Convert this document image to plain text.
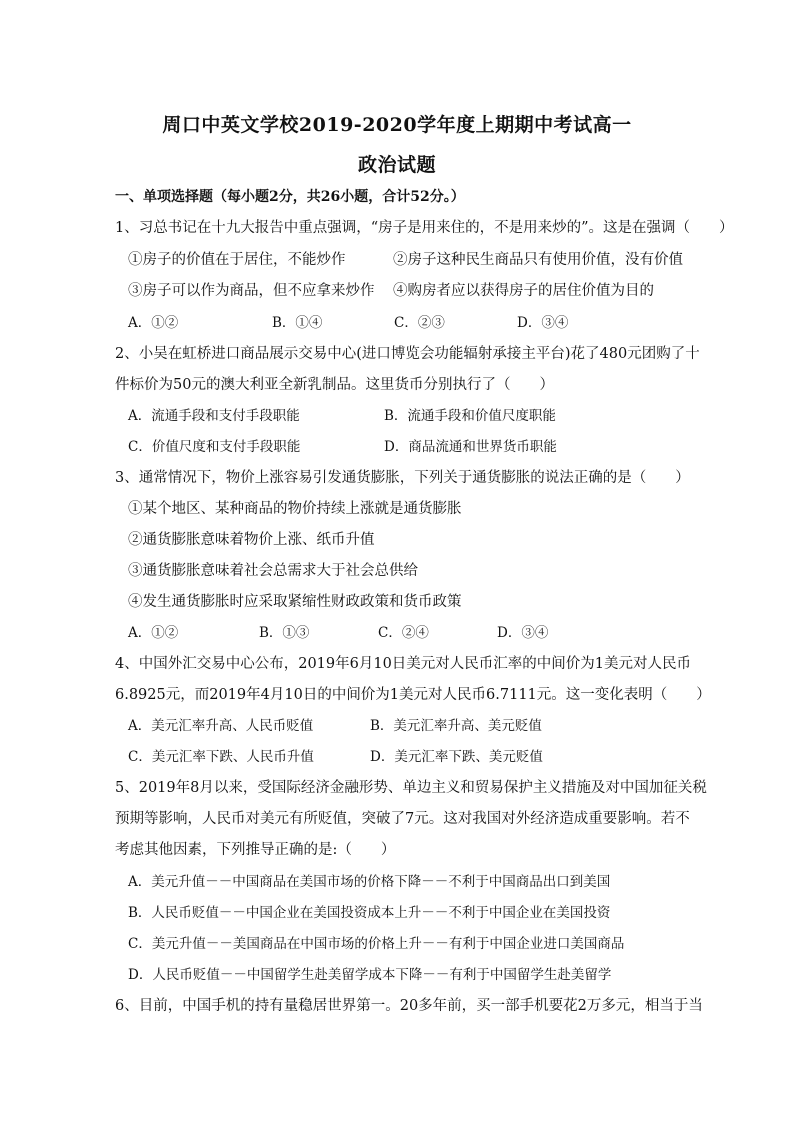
周口中英文学校2019-2020学年度上期期中考试高一
政治试题
一、单项选择题（每小题2分，共26小题，合计52分。）
1、习总书记在十九大报告中重点强调，“房子是用来住的，不是用来炒的”。这是在强调（　　）
①房子的价值在于居住，不能炒作	②房子这种民生商品只有使用价值，没有价值
③房子可以作为商品，但不应拿来炒作 ④购房者应以获得房子的居住价值为目的
A．①②	B．①④	C．②③	D．③④
2、小吴在虹桥进口商品展示交易中心(进口博览会功能辐射承接主平台)花了480元团购了十
件标价为50元的澳大利亚全新乳制品。这里货币分别执行了（　　）
A．流通手段和支付手段职能	B．流通手段和价值尺度职能
C．价值尺度和支付手段职能	D．商品流通和世界货币职能
3、通常情况下，物价上涨容易引发通货膨胀，下列关于通货膨胀的说法正确的是（　　）
①某个地区、某种商品的物价持续上涨就是通货膨胀
②通货膨胀意味着物价上涨、纸币升值
③通货膨胀意味着社会总需求大于社会总供给
④发生通货膨胀时应采取紧缩性财政政策和货币政策
A．①②	B．①③	C．②④	D．③④
4、中国外汇交易中心公布，2019年6月10日美元对人民币汇率的中间价为1美元对人民币
6.8925元，而2019年4月10日的中间价为1美元对人民币6.7111元。这一变化表明（　　）
A．美元汇率升高、人民币贬值	B．美元汇率升高、美元贬值
C．美元汇率下跌、人民币升值	D．美元汇率下跌、美元贬值
5、2019年8月以来，受国际经济金融形势、单边主义和贸易保护主义措施及对中国加征关税
预期等影响，人民币对美元有所贬值，突破了7元。这对我国对外经济造成重要影响。若不
考虑其他因素，下列推导正确的是:（　　）
A．美元升值－－中国商品在美国市场的价格下降－－不利于中国商品出口到美国
B．人民币贬值－－中国企业在美国投资成本上升－－不利于中国企业在美国投资
C．美元升值－－美国商品在中国市场的价格上升－－有利于中国企业进口美国商品
D．人民币贬值－－中国留学生赴美留学成本下降－－有利于中国留学生赴美留学
6、目前，中国手机的持有量稳居世界第一。20多年前，买一部手机要花2万多元，相当于当
